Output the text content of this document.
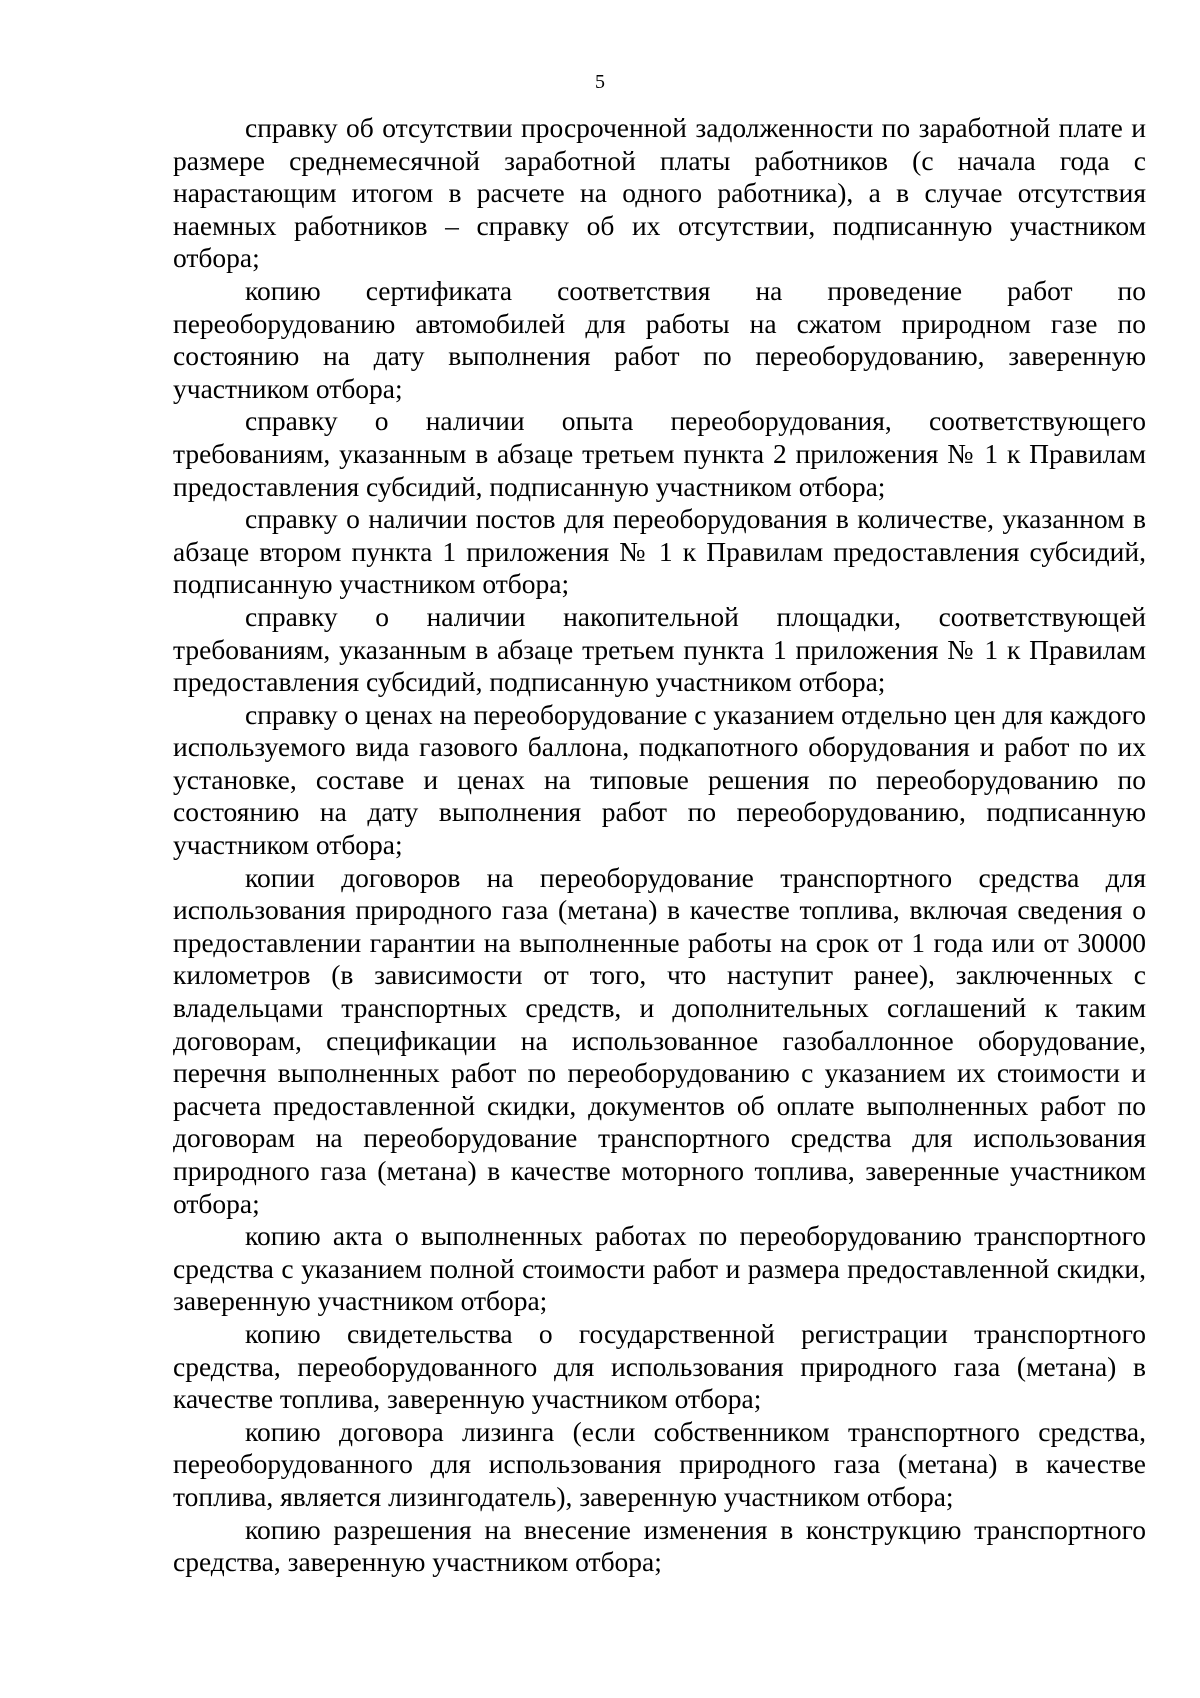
5

справку об отсутствии просроченной задолженности по заработной плате и размере среднемесячной заработной платы работников (с начала года с нарастающим итогом в расчете на одного работника), а в случае отсутствия наемных работников – справку об их отсутствии, подписанную участником отбора;

копию сертификата соответствия на проведение работ по переоборудованию автомобилей для работы на сжатом природном газе по состоянию на дату выполнения работ по переоборудованию, заверенную участником отбора;

справку о наличии опыта переоборудования, соответствующего требованиям, указанным в абзаце третьем пункта 2 приложения № 1 к Правилам предоставления субсидий, подписанную участником отбора;

справку о наличии постов для переоборудования в количестве, указанном в абзаце втором пункта 1 приложения № 1 к Правилам предоставления субсидий, подписанную участником отбора;

справку о наличии накопительной площадки, соответствующей требованиям, указанным в абзаце третьем пункта 1 приложения № 1 к Правилам предоставления субсидий, подписанную участником отбора;

справку о ценах на переоборудование с указанием отдельно цен для каждого используемого вида газового баллона, подкапотного оборудования и работ по их установке, составе и ценах на типовые решения по переоборудованию по состоянию на дату выполнения работ по переоборудованию, подписанную участником отбора;

копии договоров на переоборудование транспортного средства для использования природного газа (метана) в качестве топлива, включая сведения о предоставлении гарантии на выполненные работы на срок от 1 года или от 30000 километров (в зависимости от того, что наступит ранее), заключенных с владельцами транспортных средств, и дополнительных соглашений к таким договорам, спецификации на использованное газобаллонное оборудование, перечня выполненных работ по переоборудованию с указанием их стоимости и расчета предоставленной скидки, документов об оплате выполненных работ по договорам на переоборудование транспортного средства для использования природного газа (метана) в качестве моторного топлива, заверенные участником отбора;

копию акта о выполненных работах по переоборудованию транспортного средства с указанием полной стоимости работ и размера предоставленной скидки, заверенную участником отбора;

копию свидетельства о государственной регистрации транспортного средства, переоборудованного для использования природного газа (метана) в качестве топлива, заверенную участником отбора;

копию договора лизинга (если собственником транспортного средства, переоборудованного для использования природного газа (метана) в качестве топлива, является лизингодатель), заверенную участником отбора;

копию разрешения на внесение изменения в конструкцию транспортного средства, заверенную участником отбора;
